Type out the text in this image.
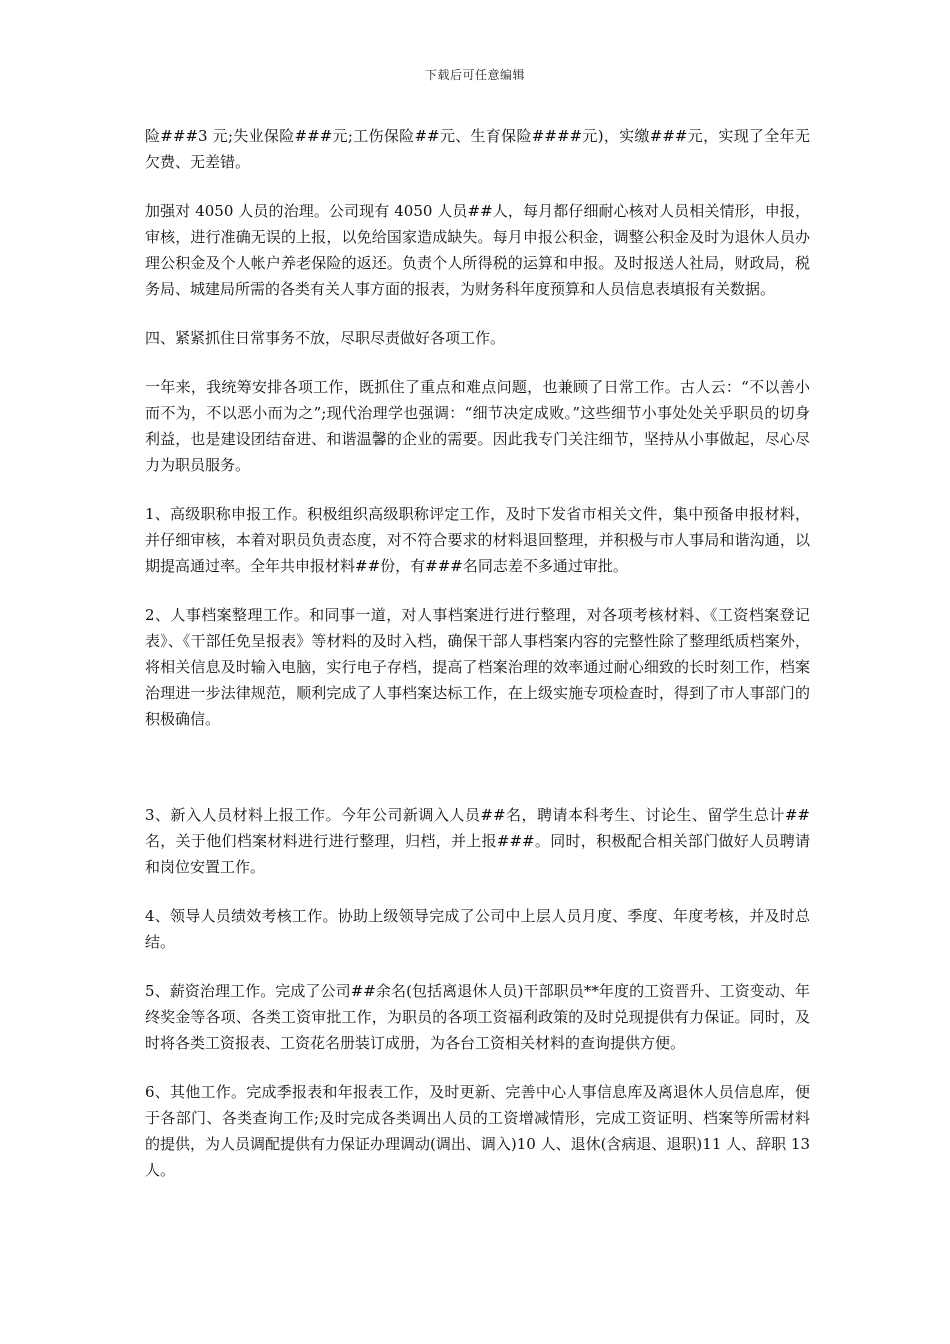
下载后可任意编辑

险###3 元;失业保险###元;工伤保险##元、生育保险####元)，实缴###元，实现了全年无欠费、无差错。

加强对 4050 人员的治理。公司现有 4050 人员##人，每月都仔细耐心核对人员相关情形，申报，审核，进行准确无误的上报，以免给国家造成缺失。每月申报公积金，调整公积金及时为退休人员办理公积金及个人帐户养老保险的返还。负责个人所得税的运算和申报。及时报送人社局，财政局，税务局、城建局所需的各类有关人事方面的报表，为财务科年度预算和人员信息表填报有关数据。

四、紧紧抓住日常事务不放，尽职尽责做好各项工作。

一年来，我统筹安排各项工作，既抓住了重点和难点问题，也兼顾了日常工作。古人云：“不以善小而不为，不以恶小而为之”;现代治理学也强调：“细节决定成败。”这些细节小事处处关乎职员的切身利益，也是建设团结奋进、和谐温馨的企业的需要。因此我专门关注细节，坚持从小事做起，尽心尽力为职员服务。

1、高级职称申报工作。积极组织高级职称评定工作，及时下发省市相关文件，集中预备申报材料，并仔细审核，本着对职员负责态度，对不符合要求的材料退回整理，并积极与市人事局和谐沟通，以期提高通过率。全年共申报材料##份，有###名同志差不多通过审批。

2、人事档案整理工作。和同事一道，对人事档案进行进行整理，对各项考核材料、《工资档案登记表》、《干部任免呈报表》等材料的及时入档，确保干部人事档案内容的完整性除了整理纸质档案外，将相关信息及时输入电脑，实行电子存档，提高了档案治理的效率通过耐心细致的长时刻工作，档案治理进一步法律规范，顺利完成了人事档案达标工作，在上级实施专项检查时，得到了市人事部门的积极确信。

3、新入人员材料上报工作。今年公司新调入人员##名，聘请本科考生、讨论生、留学生总计##名，关于他们档案材料进行进行整理，归档，并上报###。同时，积极配合相关部门做好人员聘请和岗位安置工作。

4、领导人员绩效考核工作。协助上级领导完成了公司中上层人员月度、季度、年度考核，并及时总结。

5、薪资治理工作。完成了公司##余名(包括离退休人员)干部职员**年度的工资晋升、工资变动、年终奖金等各项、各类工资审批工作，为职员的各项工资福利政策的及时兑现提供有力保证。同时，及时将各类工资报表、工资花名册装订成册，为各台工资相关材料的查询提供方便。

6、其他工作。完成季报表和年报表工作，及时更新、完善中心人事信息库及离退休人员信息库，便于各部门、各类查询工作;及时完成各类调出人员的工资增减情形，完成工资证明、档案等所需材料的提供，为人员调配提供有力保证办理调动(调出、调入)10 人、退休(含病退、退职)11 人、辞职 13 人。
